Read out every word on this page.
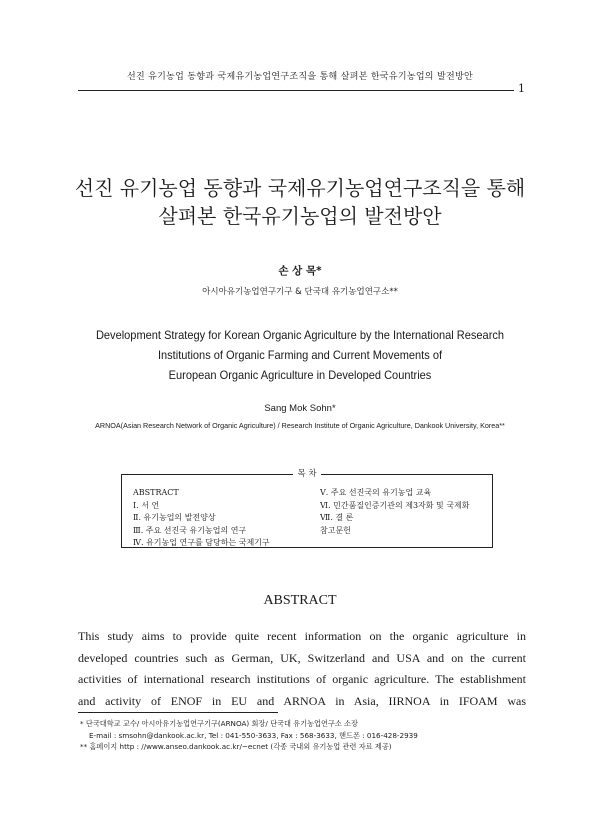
선진 유기농업 동향과 국제유기농업연구조직을 통해 살펴본 한국유기농업의 발전방안
1
선진 유기농업 동향과 국제유기농업연구조직을 통해
살펴본 한국유기농업의 발전방안
손 상 목*
아시아유기농업연구기구 & 단국대 유기농업연구소**
Development Strategy for Korean Organic Agriculture by the International Research
Institutions of Organic Farming and Current Movements of
European Organic Agriculture in Developed Countries
Sang Mok Sohn*
ARNOA(Asian Research Network of Organic Agriculture) / Research Institute of Organic Agriculture, Dankook University, Korea**
목 차
ABSTRACT
Ⅰ. 서 언
Ⅱ. 유기농업의 발전양상
Ⅲ. 주요 선진국 유기농업의 연구
Ⅳ. 유기농업 연구를 담당하는 국제기구
Ⅴ. 주요 선진국의 유기농업 교육
Ⅵ. 민간품질인증기관의 제3자화 및 국제화
Ⅶ. 결 론
참고문헌
ABSTRACT
This study aims to provide quite recent information on the organic agriculture in
developed countries such as German, UK, Switzerland and USA and on the current
activities of international research institutions of organic agriculture. The establishment
and activity of ENOF in EU and ARNOA in Asia, IIRNOA in IFOAM was
* 단국대학교 교수/ 아시아유기농업연구기구(ARNOA) 회장/ 단국대 유기농업연구소 소장
E-mail : smsohn@dankook.ac.kr, Tel : 041-550-3633, Fax : 568-3633, 핸드폰 : 016-428-2939
** 홈페이지 http : //www.anseo.dankook.ac.kr/~ecnet (각종 국내외 유기농업 관련 자료 제공)
